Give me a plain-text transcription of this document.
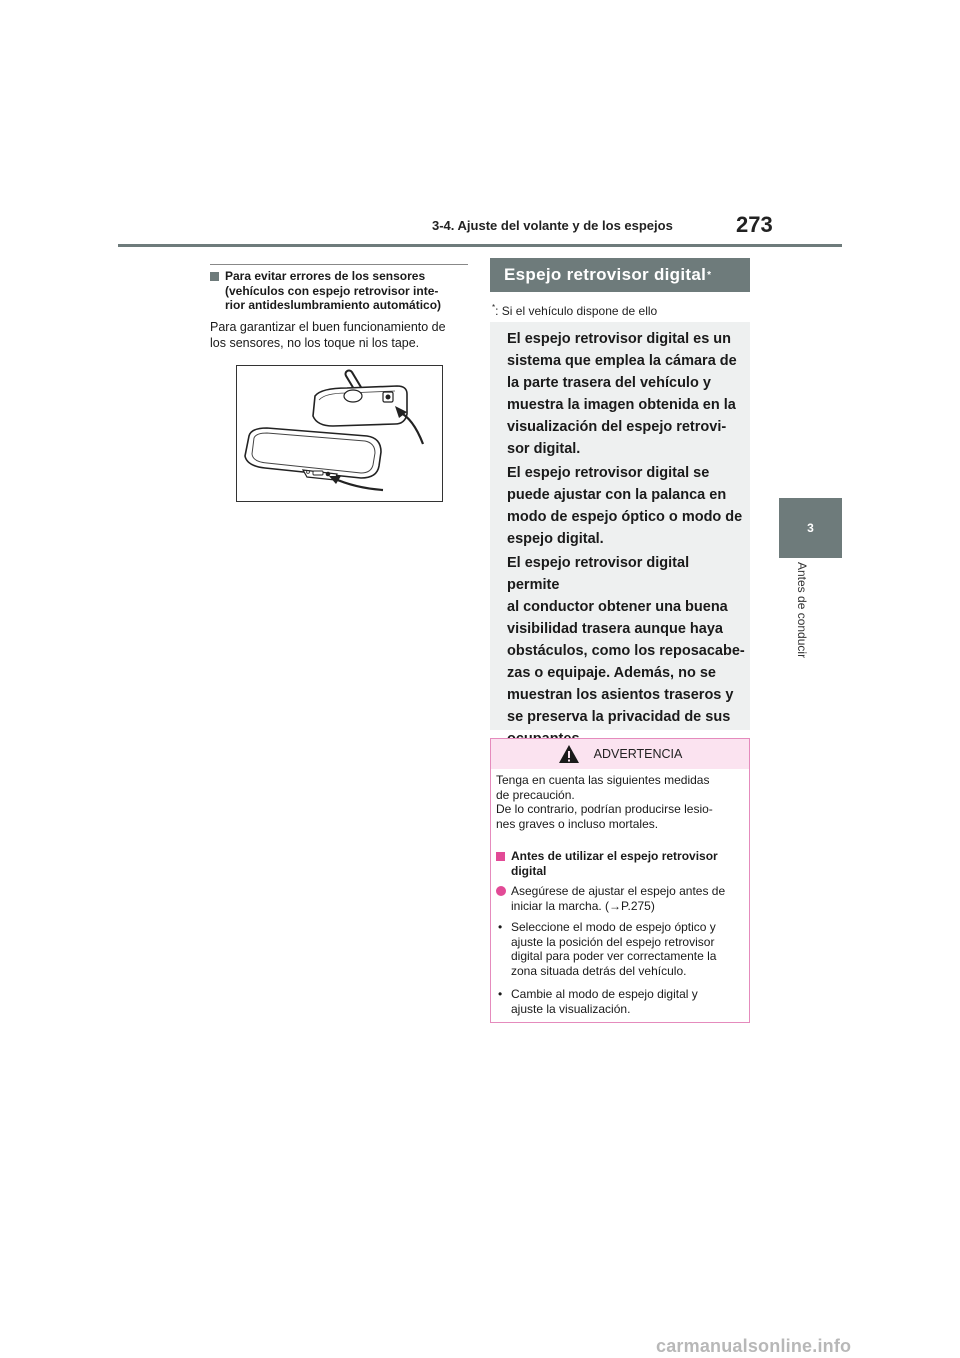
3-4. Ajuste del volante y de los espejos	273
3
Antes de conducir
Para evitar errores de los sensores
(vehículos con espejo retrovisor inte-
rior antideslumbramiento automático)
Para garantizar el buen funcionamiento de
los sensores, no los toque ni los tape.
Espejo retrovisor digital *
*: Si el vehículo dispone de ello
El espejo retrovisor digital es un
sistema que emplea la cámara de
la parte trasera del vehículo y
muestra la imagen obtenida en la
visualización del espejo retrovi-
sor digital.
El espejo retrovisor digital se
puede ajustar con la palanca en
modo de espejo óptico o modo de
espejo digital.
El espejo retrovisor digital permite
al conductor obtener una buena
visibilidad trasera aunque haya
obstáculos, como los reposacabe-
zas o equipaje. Además, no se
muestran los asientos traseros y
se preserva la privacidad de sus
ADVERTENCIA
Tenga en cuenta las siguientes medidas
de precaución.
De lo contrario, podrían producirse lesio-
nes graves o incluso mortales.
Antes de utilizar el espejo retrovisor
digital
Asegúrese de ajustar el espejo antes de
iniciar la marcha. (→P.275)
• Seleccione el modo de espejo óptico y
ajuste la posición del espejo retrovisor
digital para poder ver correctamente la
zona situada detrás del vehículo.
• Cambie al modo de espejo digital y
ajuste la visualización.
carmanualsonline.info
